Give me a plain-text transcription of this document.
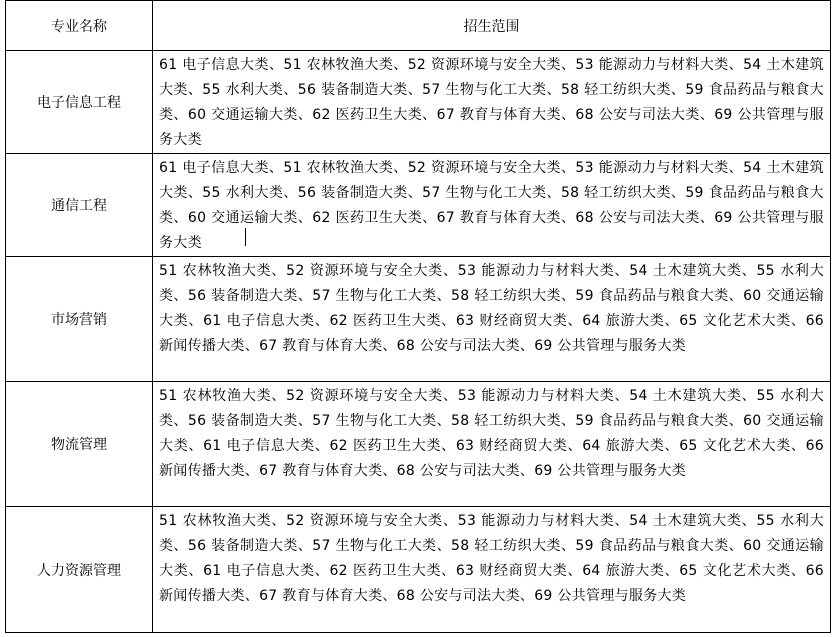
专业名称	招生范围
电子信息工程	61 电子信息大类、51 农林牧渔大类、52 资源环境与安全大类、53 能源动力与材料大类、54 土木建筑大类、55 水利大类、56 装备制造大类、57 生物与化工大类、58 轻工纺织大类、59 食品药品与粮食大类、60 交通运输大类、62 医药卫生大类、67 教育与体育大类、68 公安与司法大类、69 公共管理与服务大类
通信工程	61 电子信息大类、51 农林牧渔大类、52 资源环境与安全大类、53 能源动力与材料大类、54 土木建筑大类、55 水利大类、56 装备制造大类、57 生物与化工大类、58 轻工纺织大类、59 食品药品与粮食大类、60 交通运输大类、62 医药卫生大类、67 教育与体育大类、68 公安与司法大类、69 公共管理与服务大类
市场营销	51 农林牧渔大类、52 资源环境与安全大类、53 能源动力与材料大类、54 土木建筑大类、55 水利大类、56 装备制造大类、57 生物与化工大类、58 轻工纺织大类、59 食品药品与粮食大类、60 交通运输大类、61 电子信息大类、62 医药卫生大类、63 财经商贸大类、64 旅游大类、65 文化艺术大类、66 新闻传播大类、67 教育与体育大类、68 公安与司法大类、69 公共管理与服务大类
物流管理	51 农林牧渔大类、52 资源环境与安全大类、53 能源动力与材料大类、54 土木建筑大类、55 水利大类、56 装备制造大类、57 生物与化工大类、58 轻工纺织大类、59 食品药品与粮食大类、60 交通运输大类、61 电子信息大类、62 医药卫生大类、63 财经商贸大类、64 旅游大类、65 文化艺术大类、66 新闻传播大类、67 教育与体育大类、68 公安与司法大类、69 公共管理与服务大类
人力资源管理	51 农林牧渔大类、52 资源环境与安全大类、53 能源动力与材料大类、54 土木建筑大类、55 水利大类、56 装备制造大类、57 生物与化工大类、58 轻工纺织大类、59 食品药品与粮食大类、60 交通运输大类、61 电子信息大类、62 医药卫生大类、63 财经商贸大类、64 旅游大类、65 文化艺术大类、66 新闻传播大类、67 教育与体育大类、68 公安与司法大类、69 公共管理与服务大类
